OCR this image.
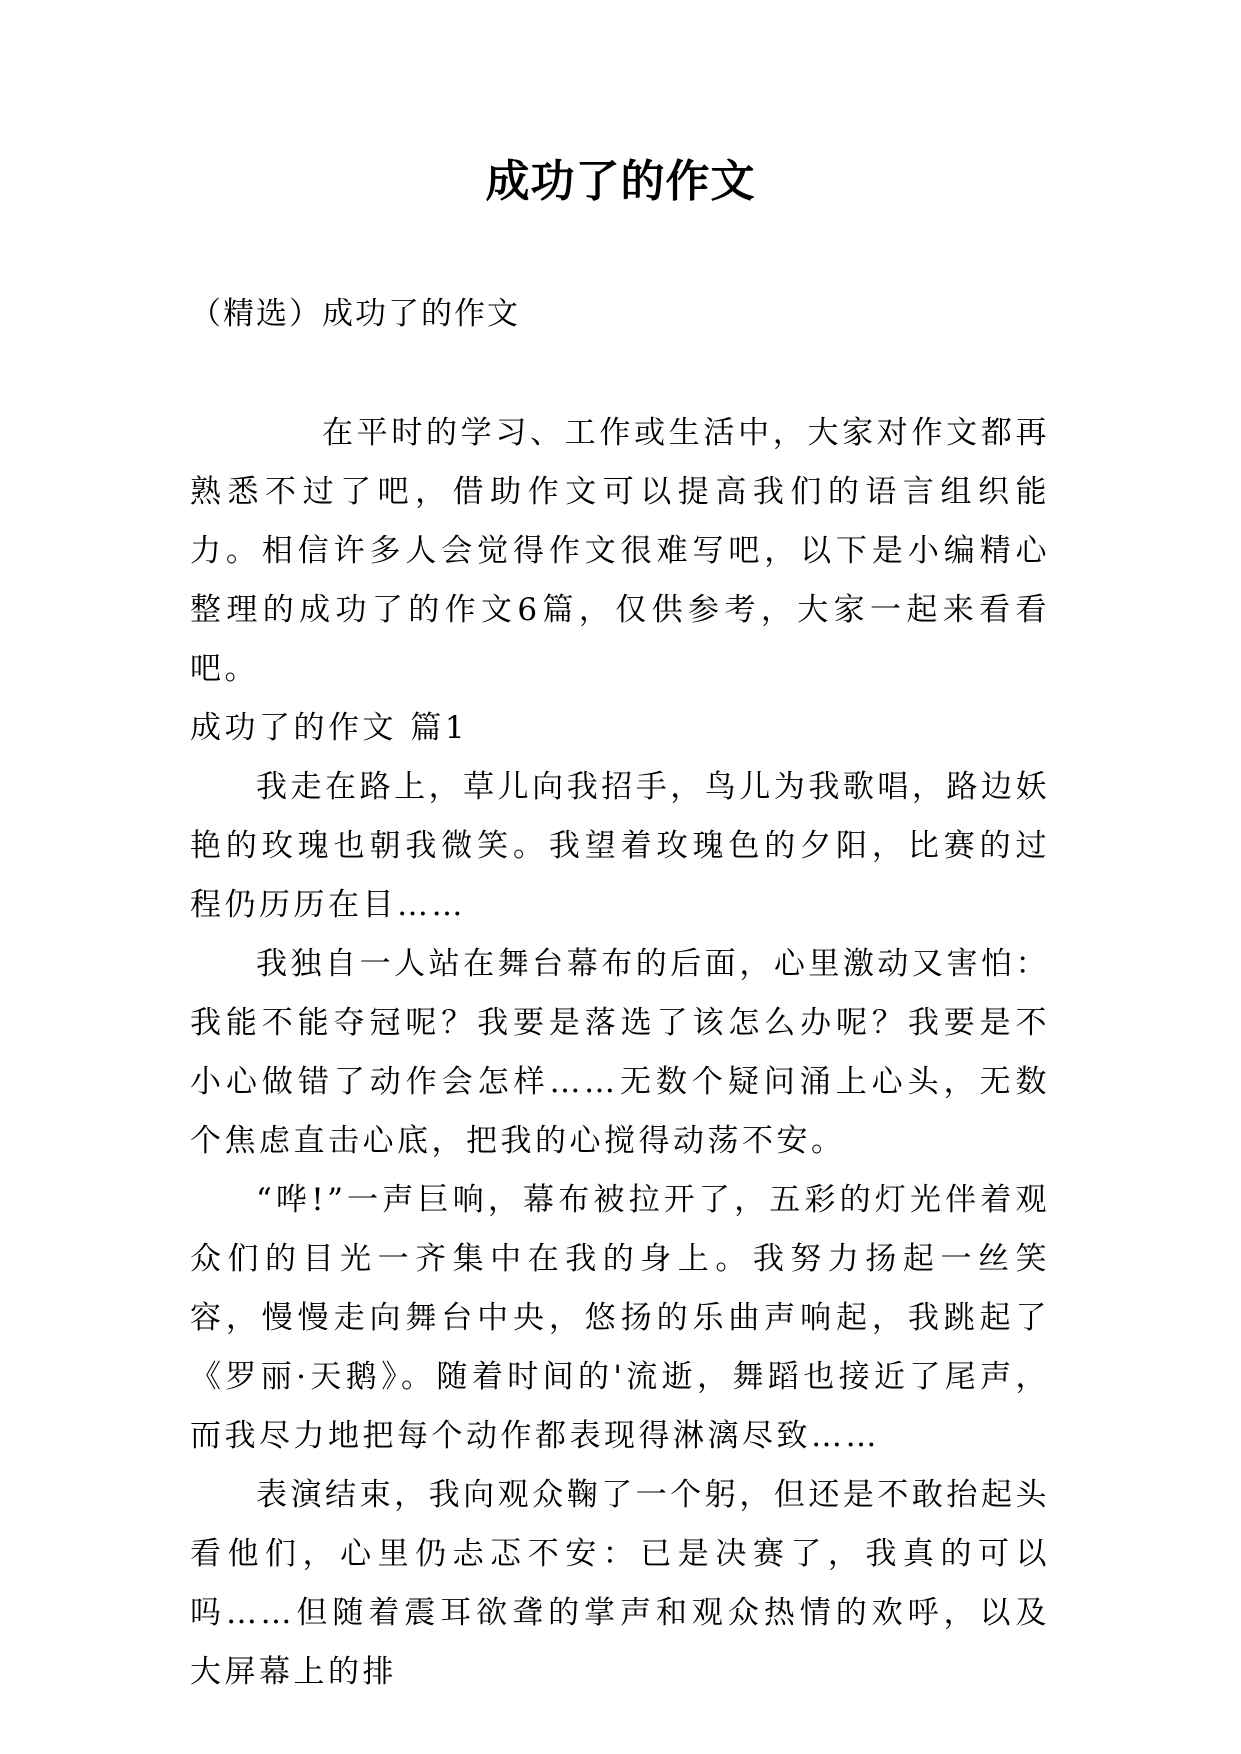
成功了的作文
（精选）成功了的作文

在平时的学习、工作或生活中，大家对作文都再熟悉不过了吧，借助作文可以提高我们的语言组织能力。相信许多人会觉得作文很难写吧，以下是小编精心整理的成功了的作文6篇，仅供参考，大家一起来看看吧。

成功了的作文 篇1

我走在路上，草儿向我招手，鸟儿为我歌唱，路边妖艳的玫瑰也朝我微笑。我望着玫瑰色的夕阳，比赛的过程仍历历在目……

我独自一人站在舞台幕布的后面，心里激动又害怕：我能不能夺冠呢？我要是落选了该怎么办呢？我要是不小心做错了动作会怎样……无数个疑问涌上心头，无数个焦虑直击心底，把我的心搅得动荡不安。

“哗!”一声巨响，幕布被拉开了，五彩的灯光伴着观众们的目光一齐集中在我的身上。我努力扬起一丝笑容，慢慢走向舞台中央，悠扬的乐曲声响起，我跳起了《罗丽·天鹅》。随着时间的'流逝，舞蹈也接近了尾声，而我尽力地把每个动作都表现得淋漓尽致……

表演结束，我向观众鞠了一个躬，但还是不敢抬起头看他们，心里仍忐忑不安：已是决赛了，我真的可以吗……但随着震耳欲聋的掌声和观众热情的欢呼，以及大屏幕上的排
